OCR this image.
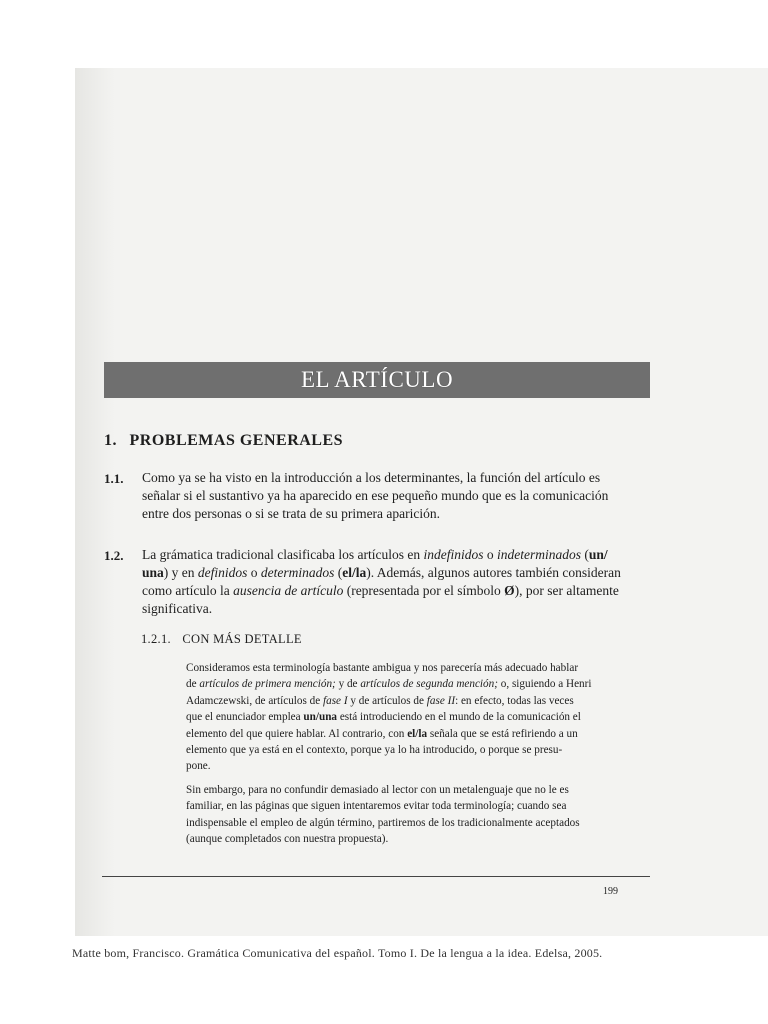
EL ARTÍCULO
1. PROBLEMAS GENERALES
1.1. Como ya se ha visto en la introducción a los determinantes, la función del artículo es
señalar si el sustantivo ya ha aparecido en ese pequeño mundo que es la comunicación
entre dos personas o si se trata de su primera aparición.
1.2. La grámatica tradicional clasificaba los artículos en indefinidos o indeterminados (un/
una) y en definidos o determinados (el/la). Además, algunos autores también consideran
como artículo la ausencia de artículo (representada por el símbolo Ø), por ser altamente
significativa.
1.2.1. CON MÁS DETALLE
Consideramos esta terminología bastante ambigua y nos parecería más adecuado hablar
de artículos de primera mención; y de artículos de segunda mención; o, siguiendo a Henri
Adamczewski, de artículos de fase I y de artículos de fase II: en efecto, todas las veces
que el enunciador emplea un/una está introduciendo en el mundo de la comunicación el
elemento del que quiere hablar. Al contrario, con el/la señala que se está refiriendo a un
elemento que ya está en el contexto, porque ya lo ha introducido, o porque se presu-
pone.
Sin embargo, para no confundir demasiado al lector con un metalenguaje que no le es
familiar, en las páginas que siguen intentaremos evitar toda terminología; cuando sea
indispensable el empleo de algún término, partiremos de los tradicionalmente aceptados
(aunque completados con nuestra propuesta).
199
Matte bom, Francisco. Gramática Comunicativa del español. Tomo I. De la lengua a la idea. Edelsa, 2005.
